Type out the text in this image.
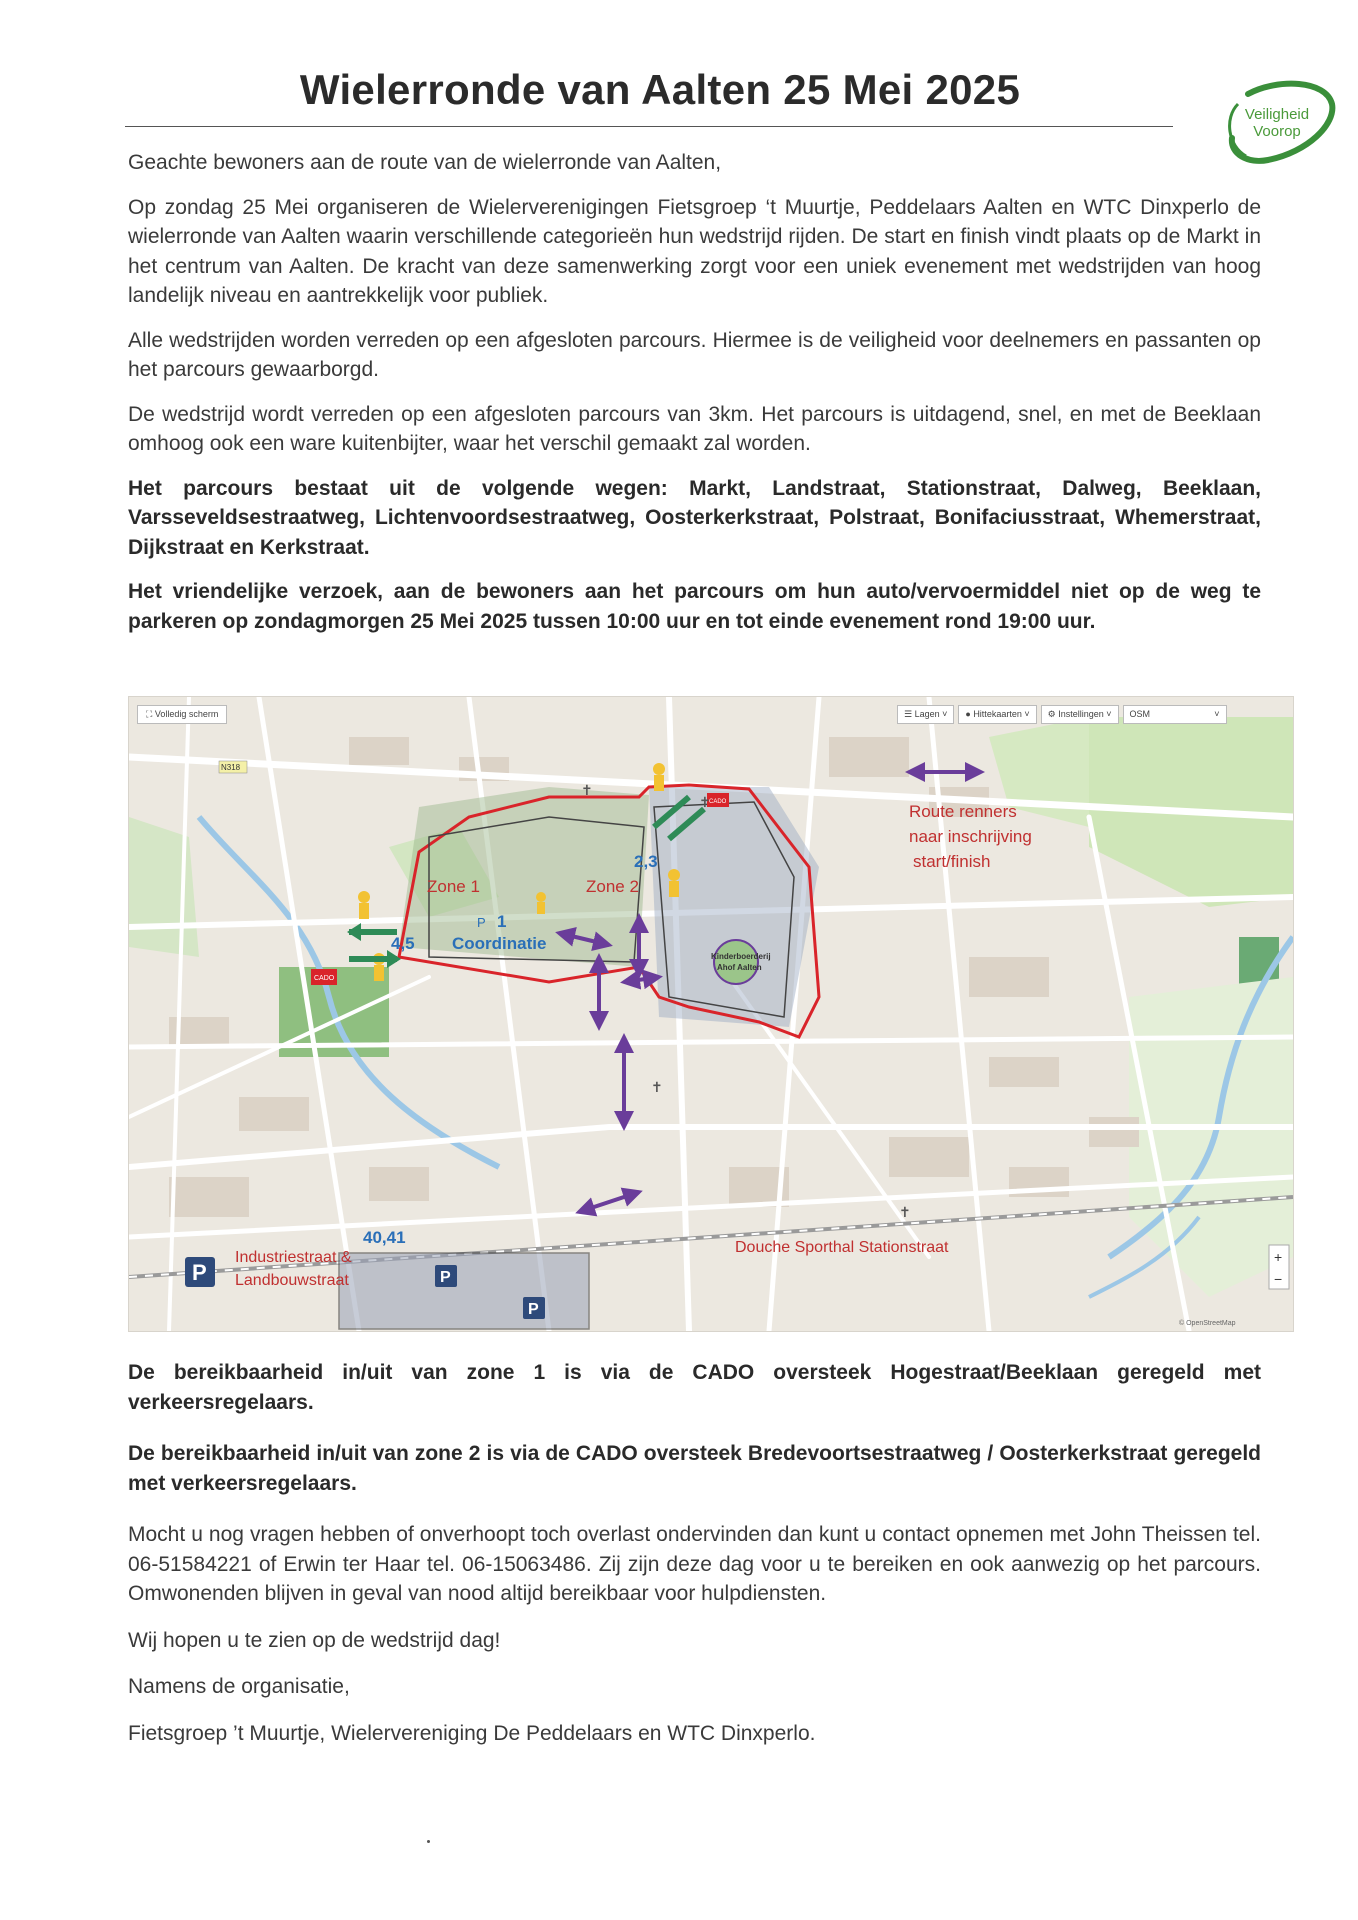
Wielerronde van Aalten 25 Mei 2025
Veiligheid
Voorop

Geachte bewoners aan de route van de wielerronde van Aalten,

Op zondag 25 Mei organiseren de Wielerverenigingen Fietsgroep ‘t Muurtje, Peddelaars Aalten en WTC Dinxperlo de wielerronde van Aalten waarin verschillende categorieën hun wedstrijd rijden. De start en finish vindt plaats op de Markt in het centrum van Aalten. De kracht van deze samenwerking zorgt voor een uniek evenement met wedstrijden van hoog landelijk niveau en aantrekkelijk voor publiek.

Alle wedstrijden worden verreden op een afgesloten parcours. Hiermee is de veiligheid voor deelnemers en passanten op het parcours gewaarborgd.

De wedstrijd wordt verreden op een afgesloten parcours van 3km. Het parcours is uitdagend, snel, en met de Beeklaan omhoog ook een ware kuitenbijter, waar het verschil gemaakt zal worden.

Het parcours bestaat uit de volgende wegen: Markt, Landstraat, Stationstraat, Dalweg, Beeklaan, Varsseveldsestraatweg, Lichtenvoordsestraatweg, Oosterkerkstraat, Polstraat, Bonifaciusstraat, Whemerstraat, Dijkstraat en Kerkstraat.

Het vriendelijke verzoek, aan de bewoners aan het parcours om hun auto/vervoermiddel niet op de weg te parkeren op zondagmorgen 25 Mei 2025 tussen 10:00 uur en tot einde evenement rond 19:00 uur.

Zone 1	Zone 2
Coordinatie
1
P
4,5
2,3
40,41
CADO
CADO
Route renners
naar inschrijving
start/finish
Kinderboerderij
Ahof Aalten
P	P
P
Industriestraat &
Landbouwstraat
Douche Sporthal Stationstraat
N318
✝
✝
✝
✝
+
−
© OpenStreetMap
⛶ Volledig scherm	☰ Lagen ˅	● Hittekaarten ˅	⚙ Instellingen ˅	OSM	˅

De bereikbaarheid in/uit van zone 1 is via de CADO oversteek Hogestraat/Beeklaan geregeld met verkeersregelaars.

De bereikbaarheid in/uit van zone 2 is via de CADO oversteek Bredevoortsestraatweg / Oosterkerkstraat geregeld met verkeersregelaars.

Mocht u nog vragen hebben of onverhoopt toch overlast ondervinden dan kunt u contact opnemen met John Theissen tel. 06-51584221 of Erwin ter Haar tel. 06-15063486. Zij zijn deze dag voor u te bereiken en ook aanwezig op het parcours. Omwonenden blijven in geval van nood altijd bereikbaar voor hulpdiensten.

Wij hopen u te zien op de wedstrijd dag!

Namens de organisatie,

Fietsgroep ’t Muurtje, Wielervereniging De Peddelaars en WTC Dinxperlo.
